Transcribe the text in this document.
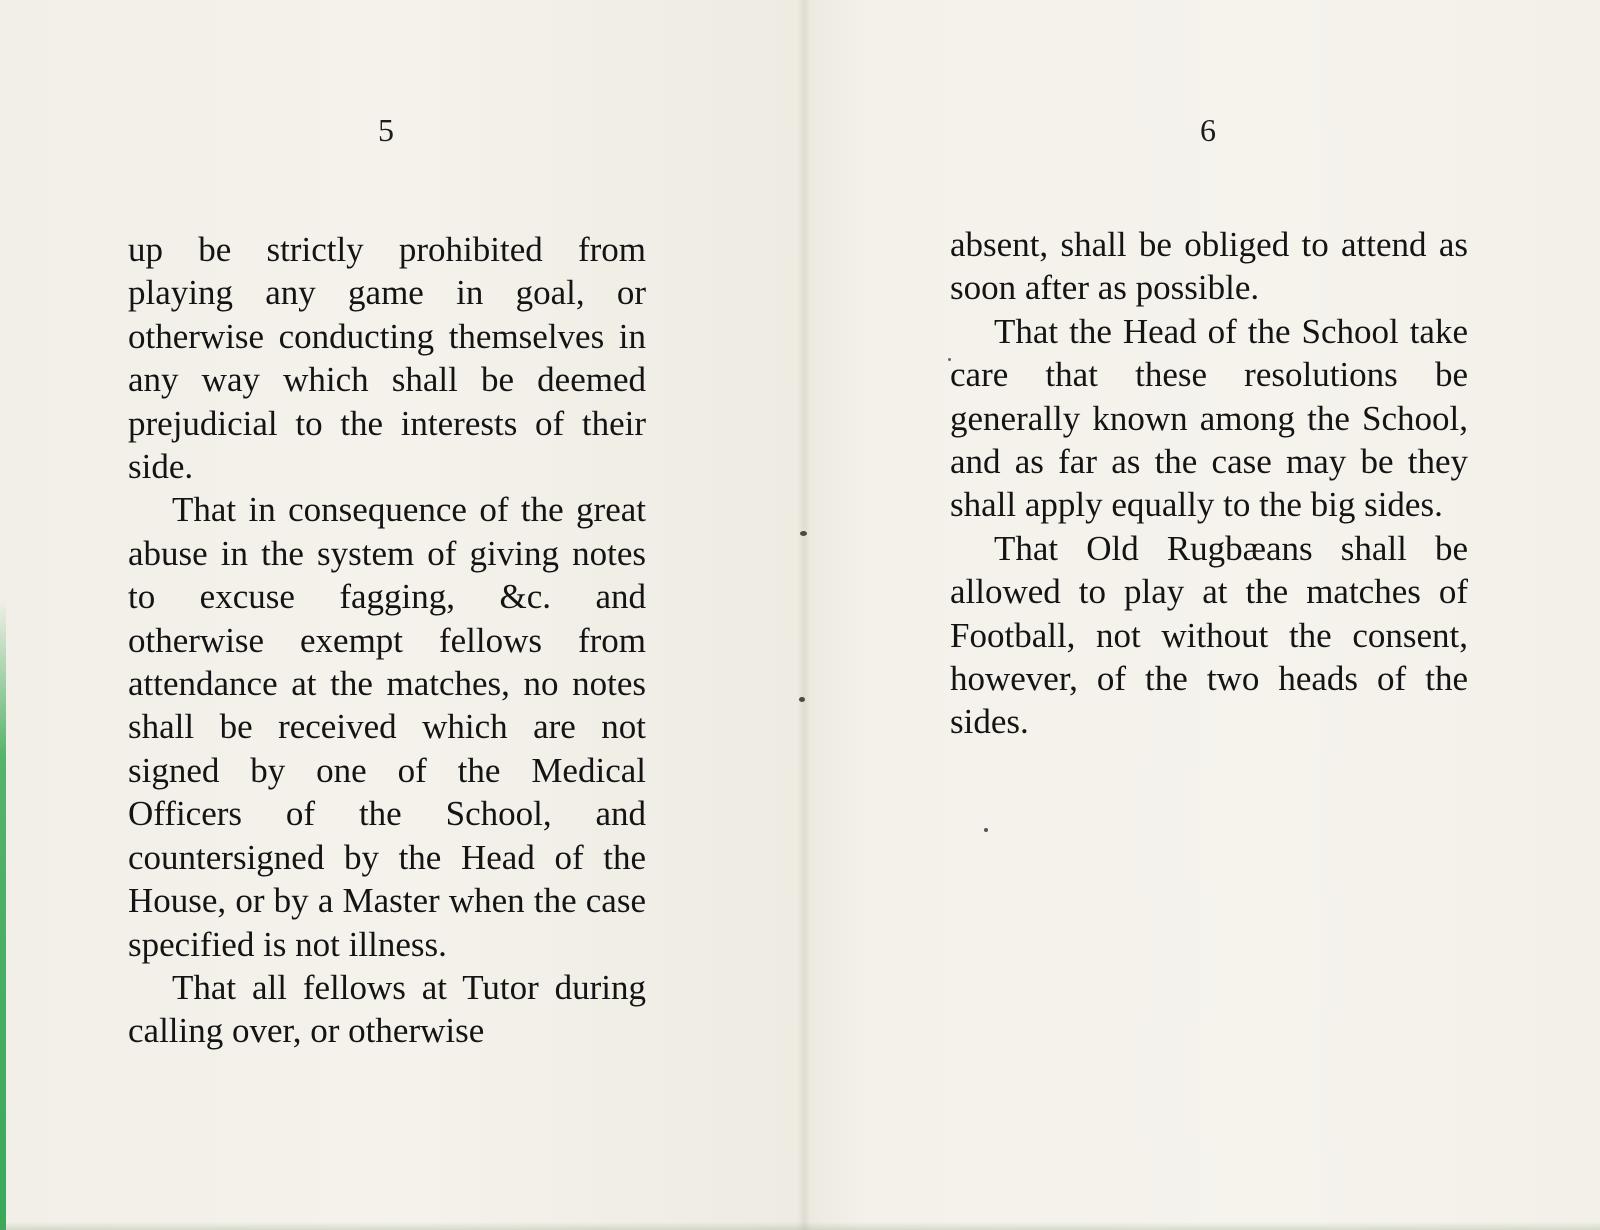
5	6

up be strictly prohibited from playing any game in goal, or otherwise conducting themselves in any way which shall be deemed prejudicial to the interests of their side.

That in consequence of the great abuse in the system of giving notes to excuse fagging, &c. and otherwise exempt fellows from attendance at the matches, no notes shall be received which are not signed by one of the Medical Officers of the School, and countersigned by the Head of the House, or by a Master when the case specified is not illness.

That all fellows at Tutor during calling over, or otherwise

absent, shall be obliged to attend as soon after as possible.

That the Head of the School take care that these resolutions be generally known among the School, and as far as the case may be they shall apply equally to the big sides.

That Old Rugbæans shall be allowed to play at the matches of Football, not without the consent, however, of the two heads of the sides.
